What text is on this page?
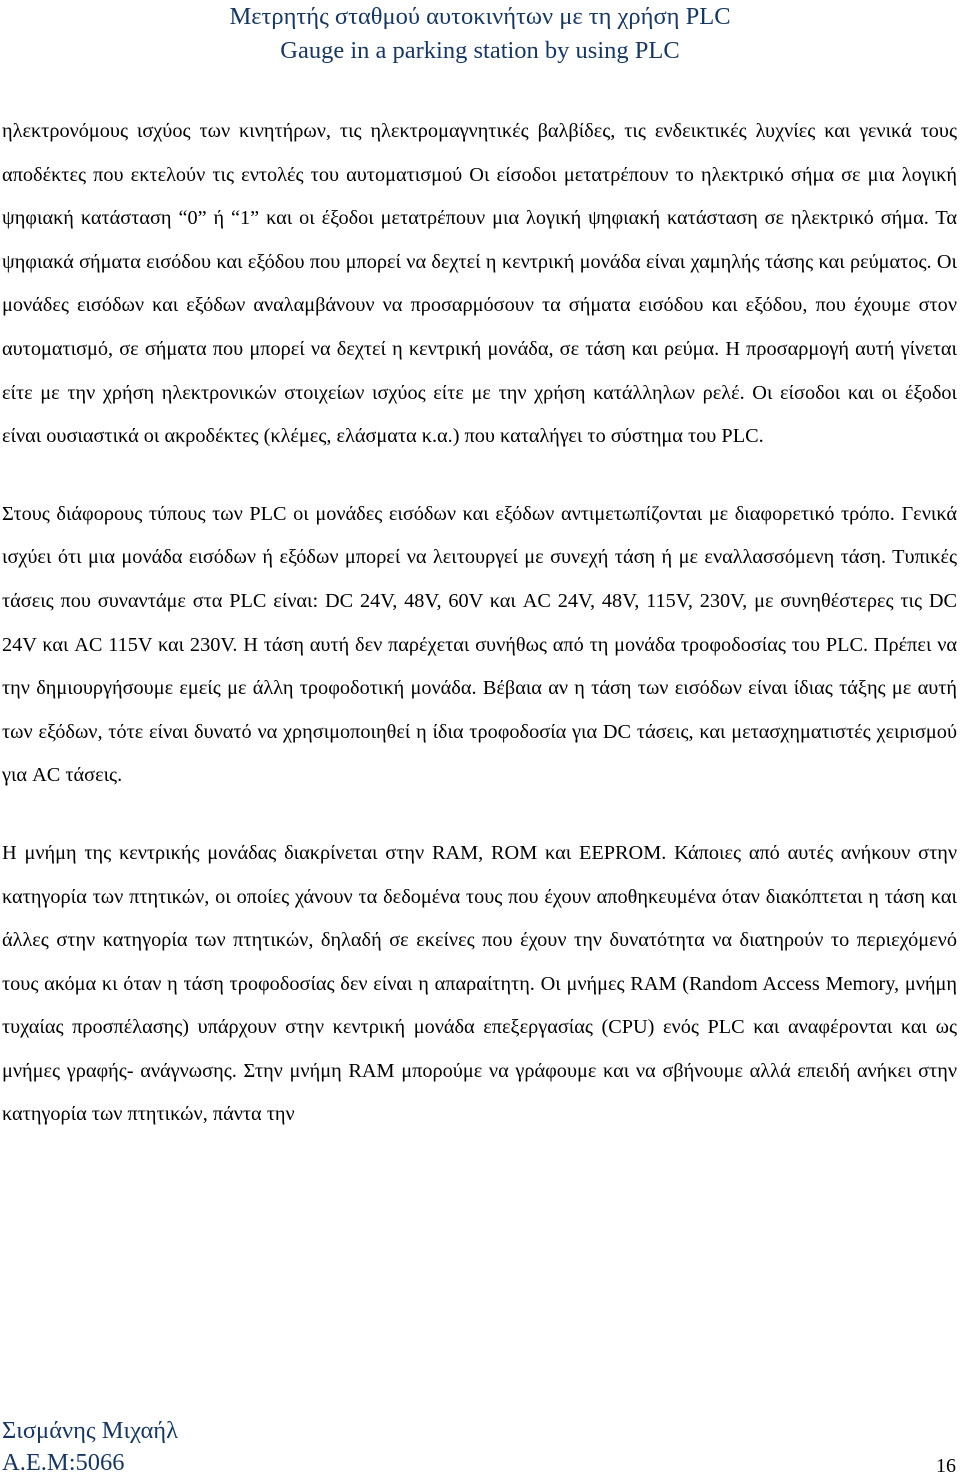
Μετρητής σταθμού αυτοκινήτων με τη χρήση PLC
Gauge in a parking station by using PLC

ηλεκτρονόμους ισχύος των κινητήρων, τις ηλεκτρομαγνητικές βαλβίδες, τις ενδεικτικές λυχνίες και γενικά τους αποδέκτες που εκτελούν τις εντολές του αυτοματισμού Οι είσοδοι μετατρέπουν το ηλεκτρικό σήμα σε μια λογική ψηφιακή κατάσταση “0” ή “1” και οι έξοδοι μετατρέπουν μια λογική ψηφιακή κατάσταση σε ηλεκτρικό σήμα. Τα ψηφιακά σήματα εισόδου και εξόδου που μπορεί να δεχτεί η κεντρική μονάδα είναι χαμηλής τάσης και ρεύματος. Οι μονάδες εισόδων και εξόδων αναλαμβάνουν να προσαρμόσουν τα σήματα εισόδου και εξόδου, που έχουμε στον αυτοματισμό, σε σήματα που μπορεί να δεχτεί η κεντρική μονάδα, σε τάση και ρεύμα. Η προσαρμογή αυτή γίνεται είτε με την χρήση ηλεκτρονικών στοιχείων ισχύος είτε με την χρήση κατάλληλων ρελέ. Οι είσοδοι και οι έξοδοι είναι ουσιαστικά οι ακροδέκτες (κλέμες, ελάσματα κ.α.) που καταλήγει το σύστημα του PLC.

Στους διάφορους τύπους των PLC οι μονάδες εισόδων και εξόδων αντιμετωπίζονται με διαφορετικό τρόπο. Γενικά ισχύει ότι μια μονάδα εισόδων ή εξόδων μπορεί να λειτουργεί με συνεχή τάση ή με εναλλασσόμενη τάση. Τυπικές τάσεις που συναντάμε στα PLC είναι: DC 24V, 48V, 60V και AC 24V, 48V, 115V, 230V, με συνηθέστερες τις DC 24V και AC 115V και 230V. Η τάση αυτή δεν παρέχεται συνήθως από τη μονάδα τροφοδοσίας του PLC. Πρέπει να την δημιουργήσουμε εμείς με άλλη τροφοδοτική μονάδα. Βέβαια αν η τάση των εισόδων είναι ίδιας τάξης με αυτή των εξόδων, τότε είναι δυνατό να χρησιμοποιηθεί η ίδια τροφοδοσία για DC τάσεις, και μετασχηματιστές χειρισμού για AC τάσεις.

Η μνήμη της κεντρικής μονάδας διακρίνεται στην RAM, ROM και EEPROM. Κάποιες από αυτές ανήκουν στην κατηγορία των πτητικών, οι οποίες χάνουν τα δεδομένα τους που έχουν αποθηκευμένα όταν διακόπτεται η τάση και άλλες στην κατηγορία των πτητικών, δηλαδή σε εκείνες που έχουν την δυνατότητα να διατηρούν το περιεχόμενό τους ακόμα κι όταν η τάση τροφοδοσίας δεν είναι η απαραίτητη. Οι μνήμες RAM (Random Access Memory, μνήμη τυχαίας προσπέλασης) υπάρχουν στην κεντρική μονάδα επεξεργασίας (CPU) ενός PLC και αναφέρονται και ως μνήμες γραφής- ανάγνωσης. Στην μνήμη RAM μπορούμε να γράφουμε και να σβήνουμε αλλά επειδή ανήκει στην κατηγορία των πτητικών, πάντα την

Σισμάνης Μιχαήλ
Α.Ε.Μ:5066	16
